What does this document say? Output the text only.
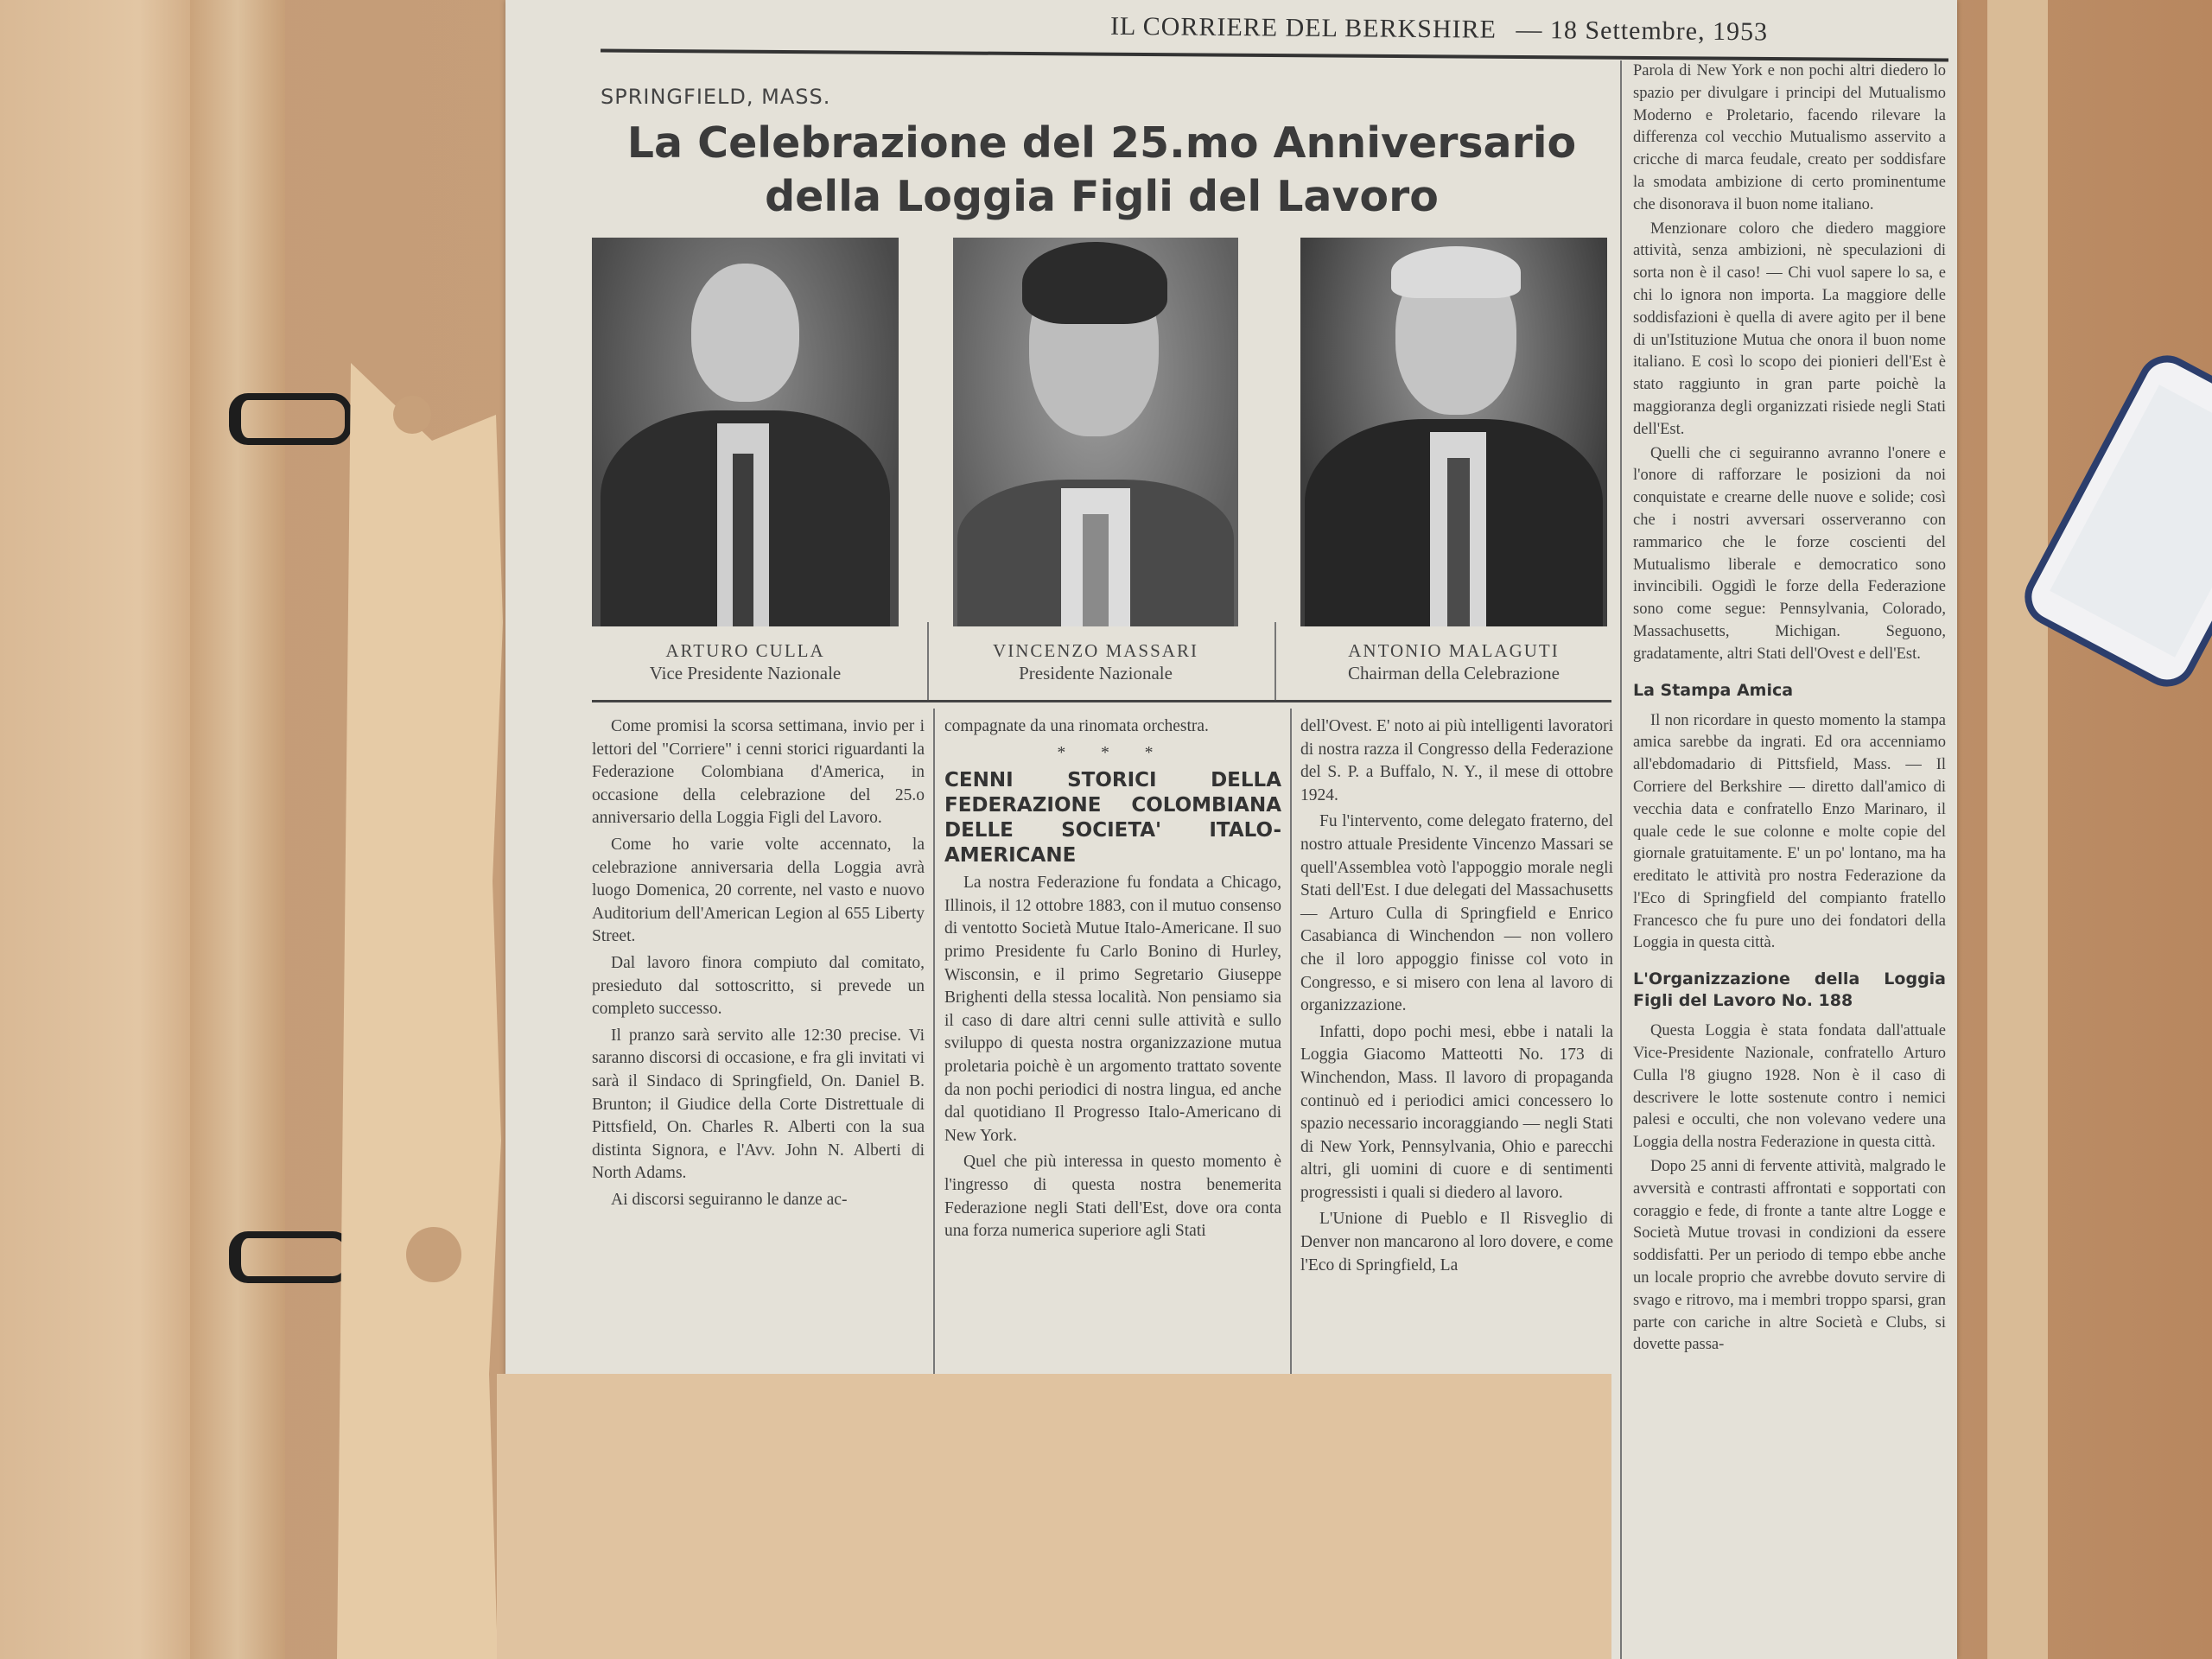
IL CORRIERE DEL BERKSHIRE — 18 Settembre, 1953
SPRINGFIELD, MASS.
La Celebrazione del 25.mo Anniversario
della Loggia Figli del Lavoro
ARTURO CULLA
Vice Presidente Nazionale
VINCENZO MASSARI
Presidente Nazionale
ANTONIO MALAGUTI
Chairman della Celebrazione

Come promisi la scorsa settimana, invio per i lettori del "Corriere" i cenni storici riguardanti la Federazione Colombiana d'America, in occasione della celebrazione del 25.o anniversario della Loggia Figli del Lavoro.

Come ho varie volte accennato, la celebrazione anniversaria della Loggia avrà luogo Domenica, 20 corrente, nel vasto e nuovo Auditorium dell'American Legion al 655 Liberty Street.

Dal lavoro finora compiuto dal comitato, presieduto dal sottoscritto, si prevede un completo successo.

Il pranzo sarà servito alle 12:30 precise. Vi saranno discorsi di occasione, e fra gli invitati vi sarà il Sindaco di Springfield, On. Daniel B. Brunton; il Giudice della Corte Distrettuale di Pittsfield, On. Charles R. Alberti con la sua distinta Signora, e l'Avv. John N. Alberti di North Adams.

Ai discorsi seguiranno le danze ac-

compagnate da una rinomata orchestra.

* * *

CENNI STORICI DELLA FEDERAZIONE COLOMBIANA DELLE SOCIETA' ITALO-AMERICANE

La nostra Federazione fu fondata a Chicago, Illinois, il 12 ottobre 1883, con il mutuo consenso di ventotto Società Mutue Italo-Americane. Il suo primo Presidente fu Carlo Bonino di Hurley, Wisconsin, e il primo Segretario Giuseppe Brighenti della stessa località. Non pensiamo sia il caso di dare altri cenni sulle attività e sullo sviluppo di questa nostra organizzazione mutua proletaria poichè è un argomento trattato sovente da non pochi periodici di nostra lingua, ed anche dal quotidiano Il Progresso Italo-Americano di New York.

Quel che più interessa in questo momento è l'ingresso di questa nostra benemerita Federazione negli Stati dell'Est, dove ora conta una forza numerica superiore agli Stati

dell'Ovest. E' noto ai più intelligenti lavoratori di nostra razza il Congresso della Federazione del S. P. a Buffalo, N. Y., il mese di ottobre 1924.

Fu l'intervento, come delegato fraterno, del nostro attuale Presidente Vincenzo Massari se quell'Assemblea votò l'appoggio morale negli Stati dell'Est. I due delegati del Massachusetts — Arturo Culla di Springfield e Enrico Casabianca di Winchendon — non vollero che il loro appoggio finisse col voto in Congresso, e si misero con lena al lavoro di organizzazione.

Infatti, dopo pochi mesi, ebbe i natali la Loggia Giacomo Matteotti No. 173 di Winchendon, Mass. Il lavoro di propaganda continuò ed i periodici amici concessero lo spazio necessario incoraggiando — negli Stati di New York, Pennsylvania, Ohio e parecchi altri, gli uomini di cuore e di sentimenti progressisti i quali si diedero al lavoro.

L'Unione di Pueblo e Il Risveglio di Denver non mancarono al loro dovere, e come l'Eco di Springfield, La

Parola di New York e non pochi altri diedero lo spazio per divulgare i principi del Mutualismo Moderno e Proletario, facendo rilevare la differenza col vecchio Mutualismo asservito a cricche di marca feudale, creato per soddisfare la smodata ambizione di certo prominentume che disonorava il buon nome italiano.

Menzionare coloro che diedero maggiore attività, senza ambizioni, nè speculazioni di sorta non è il caso! — Chi vuol sapere lo sa, e chi lo ignora non importa. La maggiore delle soddisfazioni è quella di avere agito per il bene di un'Istituzione Mutua che onora il buon nome italiano. E così lo scopo dei pionieri dell'Est è stato raggiunto in gran parte poichè la maggioranza degli organizzati risiede negli Stati dell'Est.

Quelli che ci seguiranno avranno l'onere e l'onore di rafforzare le posizioni da noi conquistate e crearne delle nuove e solide; così che i nostri avversari osserveranno con rammarico che le forze coscienti del Mutualismo liberale e democratico sono invincibili. Oggidì le forze della Federazione sono come segue: Pennsylvania, Colorado, Massachusetts, Michigan. Seguono, gradatamente, altri Stati dell'Ovest e dell'Est.

La Stampa Amica

Il non ricordare in questo momento la stampa amica sarebbe da ingrati. Ed ora accenniamo all'ebdomadario di Pittsfield, Mass. — Il Corriere del Berkshire — diretto dall'amico di vecchia data e confratello Enzo Marinaro, il quale cede le sue colonne e molte copie del giornale gratuitamente. E' un po' lontano, ma ha ereditato le attività pro nostra Federazione da l'Eco di Springfield del compianto fratello Francesco che fu pure uno dei fondatori della Loggia in questa città.

L'Organizzazione della Loggia Figli del Lavoro No. 188

Questa Loggia è stata fondata dall'attuale Vice-Presidente Nazionale, confratello Arturo Culla l'8 giugno 1928. Non è il caso di descrivere le lotte sostenute contro i nemici palesi e occulti, che non volevano vedere una Loggia della nostra Federazione in questa città.

Dopo 25 anni di fervente attività, malgrado le avversità e contrasti affrontati e sopportati con coraggio e fede, di fronte a tante altre Logge e Società Mutue trovasi in condizioni da essere soddisfatti. Per un periodo di tempo ebbe anche un locale proprio che avrebbe dovuto servire di svago e ritrovo, ma i membri troppo sparsi, gran parte con cariche in altre Società e Clubs, si dovette passa-
